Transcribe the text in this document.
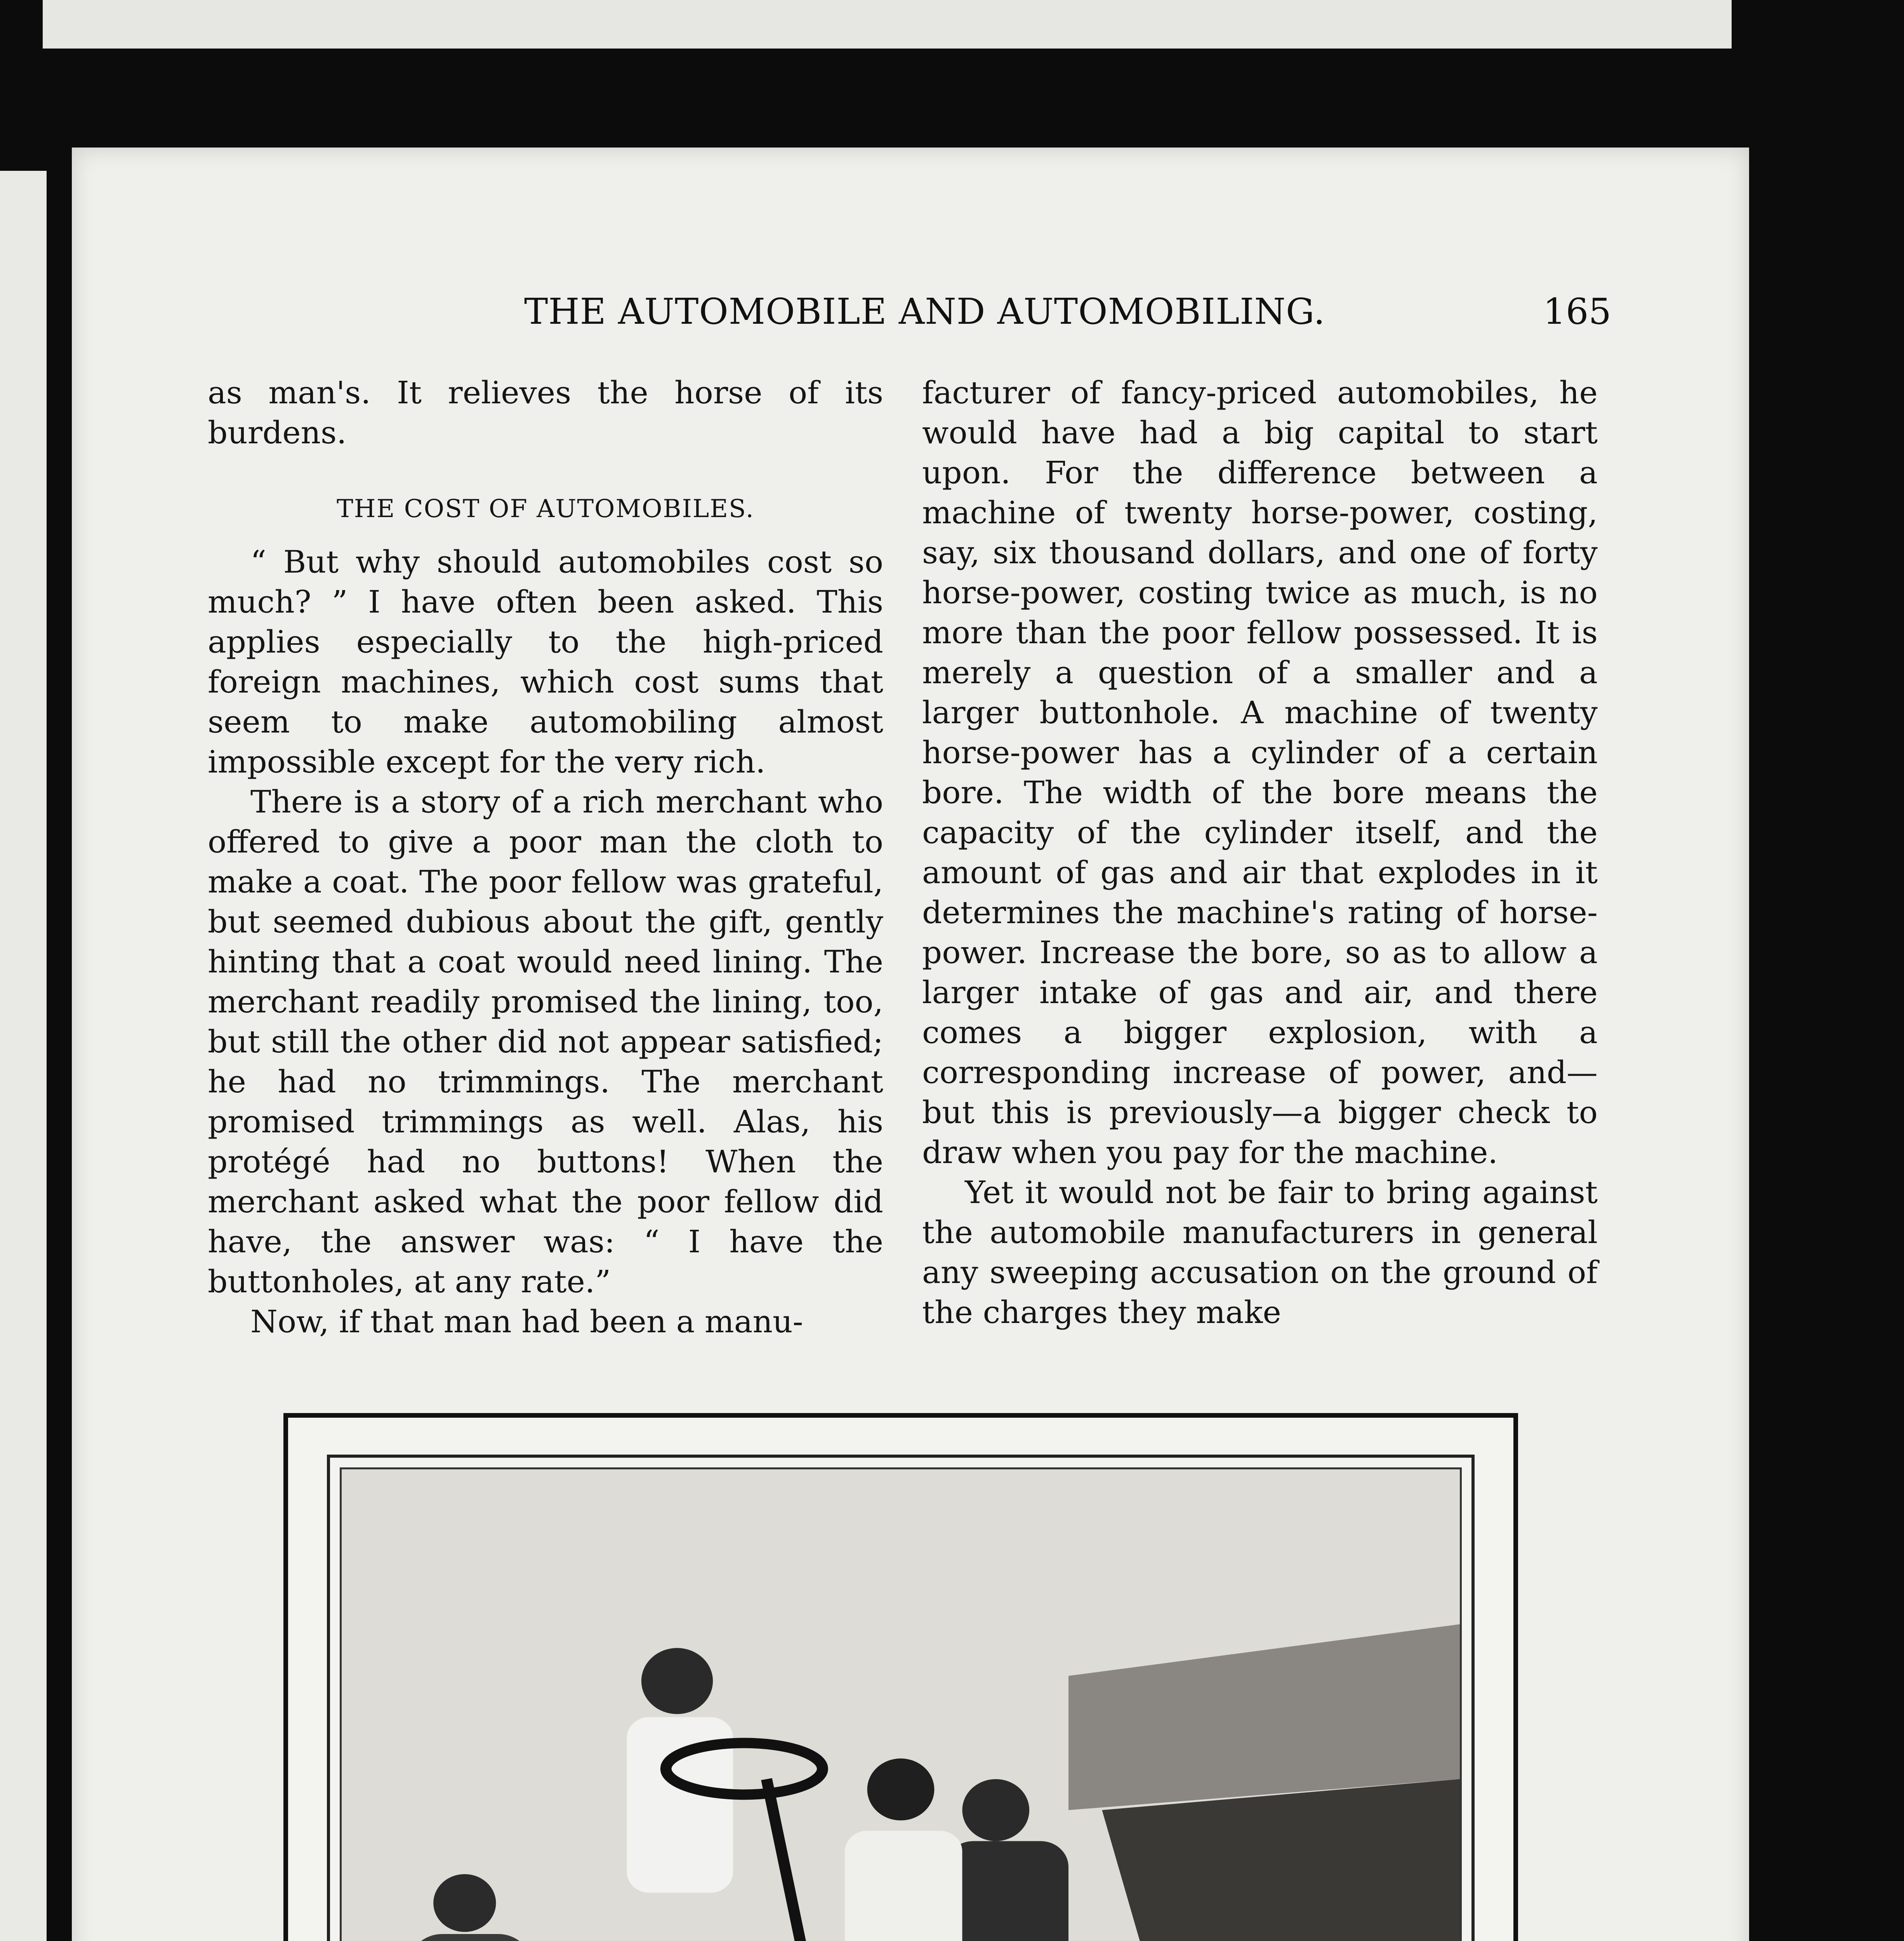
THE AUTOMOBILE AND AUTOMOBILING.	165

as man's. It relieves the horse of its burdens.

THE COST OF AUTOMOBILES.

“ But why should automobiles cost so much? ” I have often been asked. This applies especially to the high-priced foreign machines, which cost sums that seem to make automobiling almost impossible except for the very rich.

There is a story of a rich merchant who offered to give a poor man the cloth to make a coat. The poor fellow was grateful, but seemed dubious about the gift, gently hinting that a coat would need lining. The merchant readily promised the lining, too, but still the other did not appear satisfied; he had no trimmings. The merchant promised trimmings as well. Alas, his protégé had no buttons! When the merchant asked what the poor fellow did have, the answer was: “ I have the buttonholes, at any rate.”

Now, if that man had been a manu-

facturer of fancy-priced automobiles, he would have had a big capital to start upon. For the difference between a machine of twenty horse-power, costing, say, six thousand dollars, and one of forty horse-power, costing twice as much, is no more than the poor fellow possessed. It is merely a question of a smaller and a larger buttonhole. A machine of twenty horse-power has a cylinder of a certain bore. The width of the bore means the capacity of the cylinder itself, and the amount of gas and air that explodes in it determines the machine's rating of horse-power. Increase the bore, so as to allow a larger intake of gas and air, and there comes a bigger explosion, with a corresponding increase of power, and—but this is previously—a bigger check to draw when you pay for the machine.

Yet it would not be fair to bring against the automobile manufacturers in general any sweeping accusation on the ground of the charges they make
